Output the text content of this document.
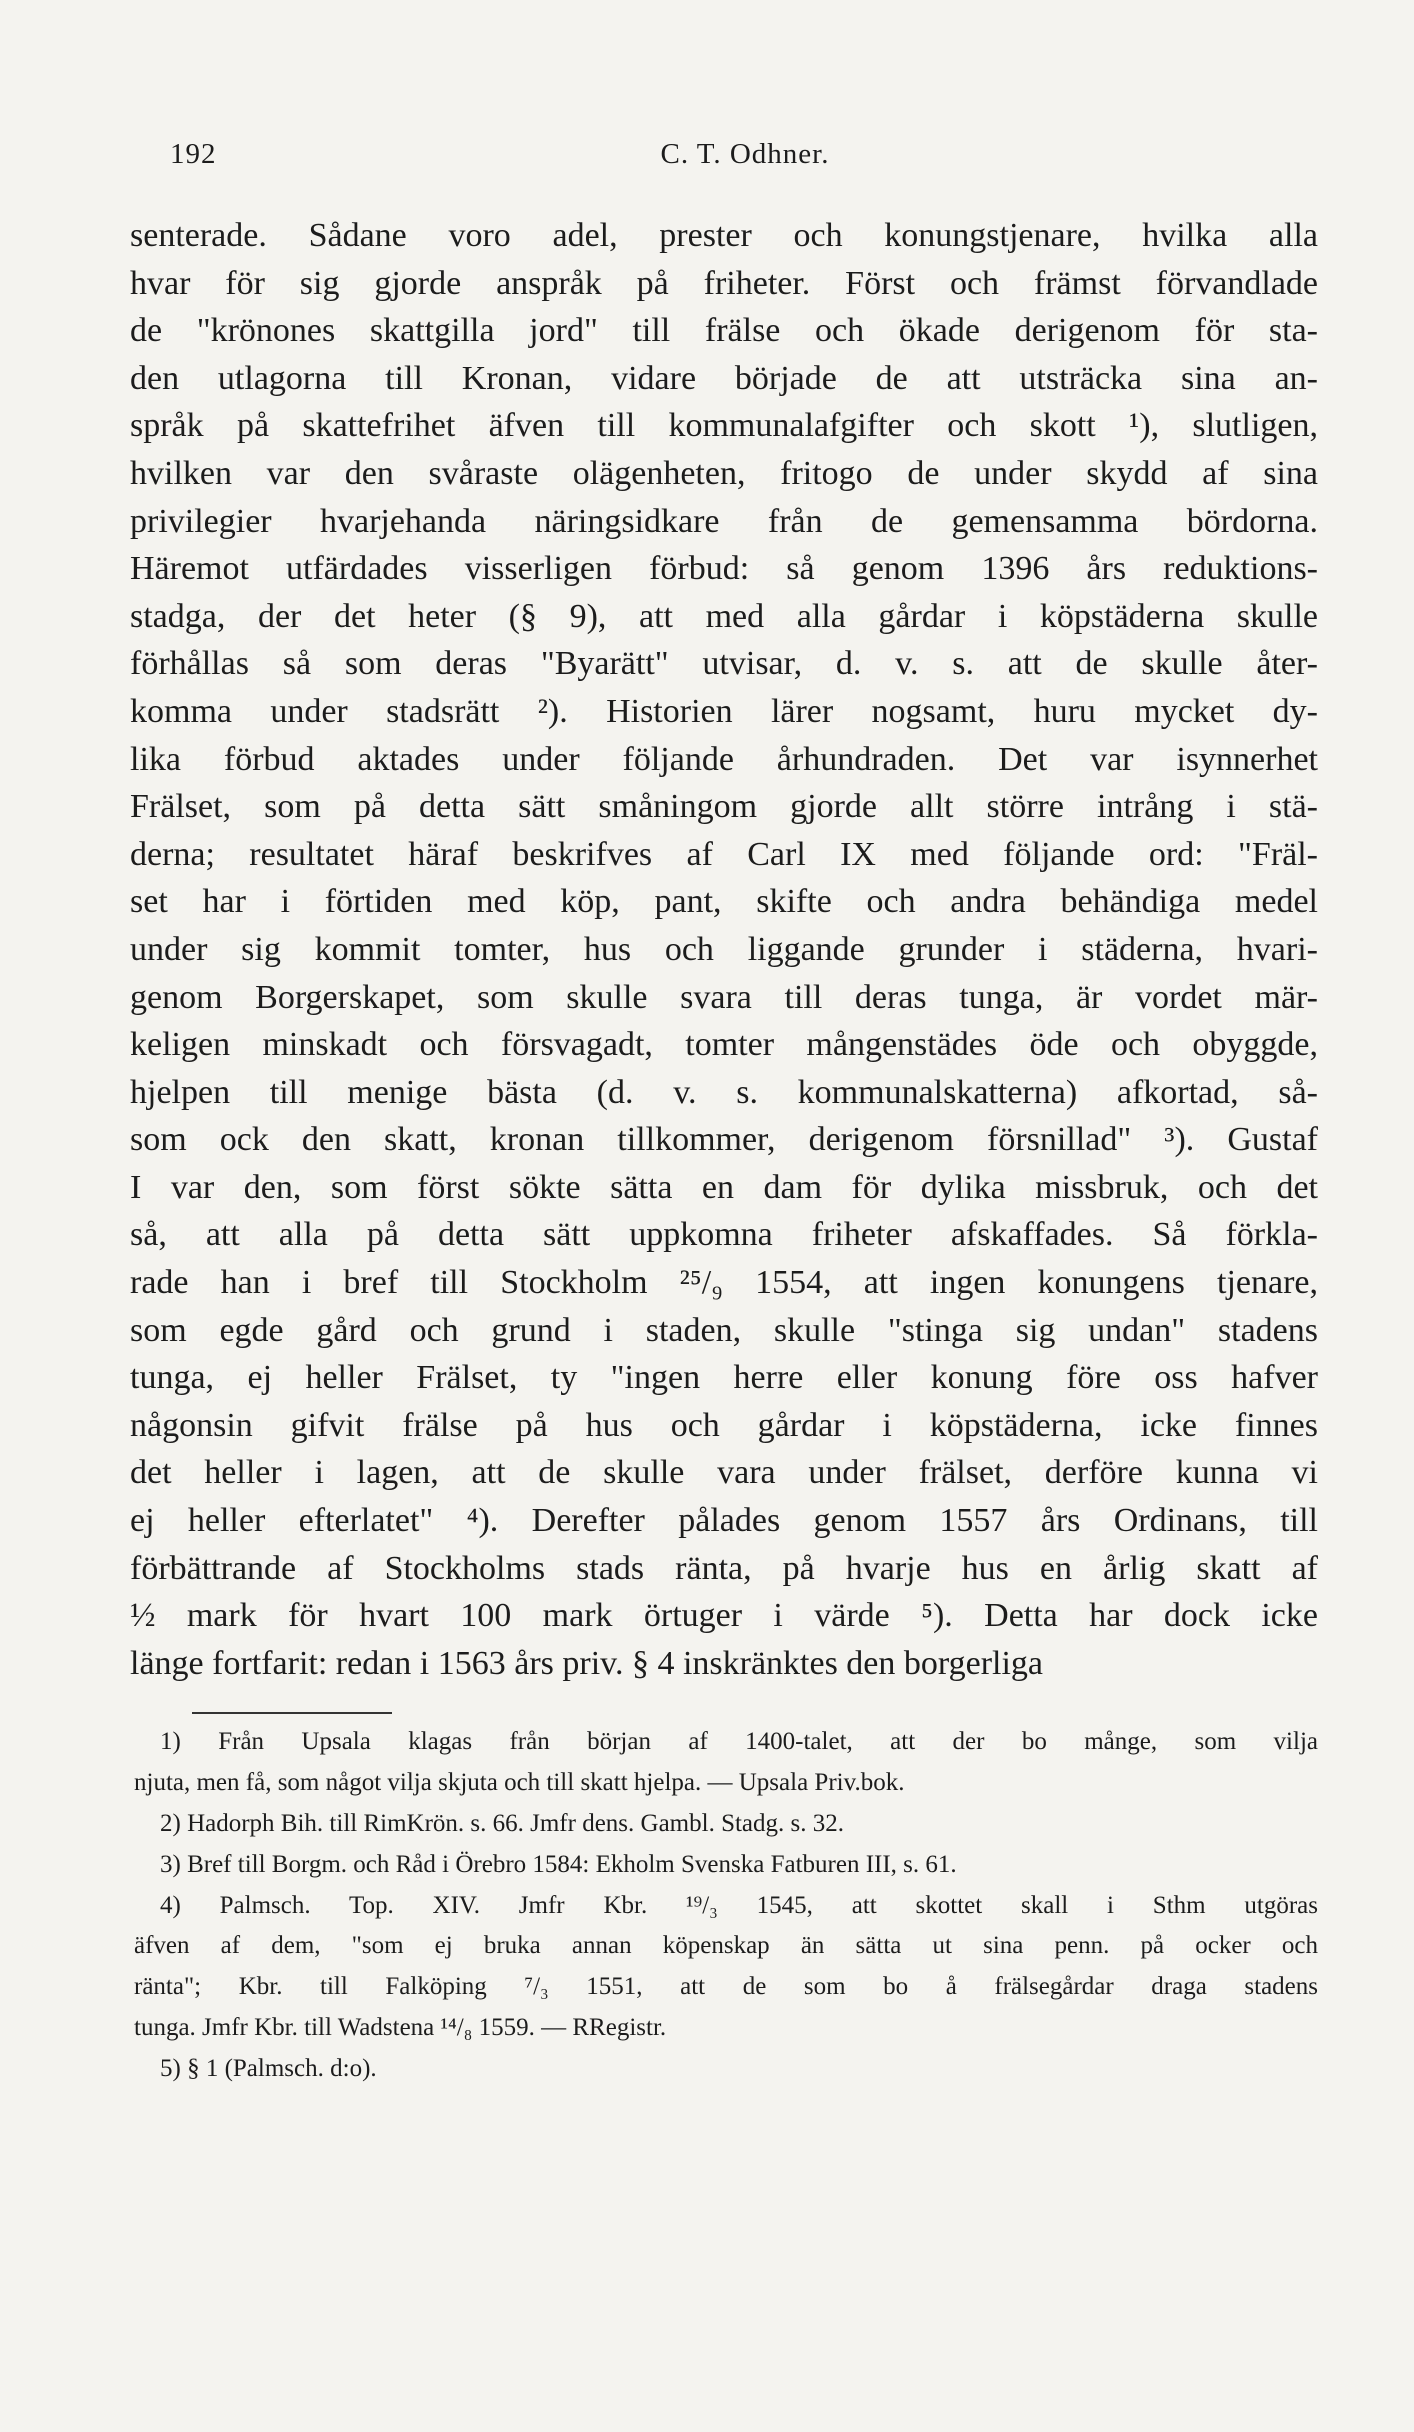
192	C. T. Odhner.
senterade. Sådane voro adel, prester och konungstjenare, hvilka alla
hvar för sig gjorde anspråk på friheter. Först och främst förvandlade
de "krönones skattgilla jord" till frälse och ökade derigenom för sta-
den utlagorna till Kronan, vidare började de att utsträcka sina an-
språk på skattefrihet äfven till kommunalafgifter och skott ¹), slutligen,
hvilken var den svåraste olägenheten, fritogo de under skydd af sina
privilegier hvarjehanda näringsidkare från de gemensamma bördorna.
Häremot utfärdades visserligen förbud: så genom 1396 års reduktions-
stadga, der det heter (§ 9), att med alla gårdar i köpstäderna skulle
förhållas så som deras "Byarätt" utvisar, d. v. s. att de skulle åter-
komma under stadsrätt ²). Historien lärer nogsamt, huru mycket dy-
lika förbud aktades under följande århundraden. Det var isynnerhet
Frälset, som på detta sätt småningom gjorde allt större intrång i stä-
derna; resultatet häraf beskrifves af Carl IX med följande ord: "Fräl-
set har i förtiden med köp, pant, skifte och andra behändiga medel
under sig kommit tomter, hus och liggande grunder i städerna, hvari-
genom Borgerskapet, som skulle svara till deras tunga, är vordet mär-
keligen minskadt och försvagadt, tomter mångenstädes öde och obyggde,
hjelpen till menige bästa (d. v. s. kommunalskatterna) afkortad, så-
som ock den skatt, kronan tillkommer, derigenom försnillad" ³). Gustaf
I var den, som först sökte sätta en dam för dylika missbruk, och det
så, att alla på detta sätt uppkomna friheter afskaffades. Så förkla-
rade han i bref till Stockholm ²⁵/₉ 1554, att ingen konungens tjenare,
som egde gård och grund i staden, skulle "stinga sig undan" stadens
tunga, ej heller Frälset, ty "ingen herre eller konung före oss hafver
någonsin gifvit frälse på hus och gårdar i köpstäderna, icke finnes
det heller i lagen, att de skulle vara under frälset, derföre kunna vi
ej heller efterlatet" ⁴). Derefter pålades genom 1557 års Ordinans, till
förbättrande af Stockholms stads ränta, på hvarje hus en årlig skatt af
½ mark för hvart 100 mark örtuger i värde ⁵). Detta har dock icke
länge fortfarit: redan i 1563 års priv. § 4 inskränktes den borgerliga
1) Från Upsala klagas från början af 1400-talet, att der bo månge, som vilja
njuta, men få, som något vilja skjuta och till skatt hjelpa. — Upsala Priv.bok.
2) Hadorph Bih. till RimKrön. s. 66. Jmfr dens. Gambl. Stadg. s. 32.
3) Bref till Borgm. och Råd i Örebro 1584: Ekholm Svenska Fatburen III, s. 61.
4) Palmsch. Top. XIV. Jmfr Kbr. ¹⁹/₃ 1545, att skottet skall i Sthm utgöras
äfven af dem, "som ej bruka annan köpenskap än sätta ut sina penn. på ocker och
ränta"; Kbr. till Falköping ⁷/₃ 1551, att de som bo å frälsegårdar draga stadens
tunga. Jmfr Kbr. till Wadstena ¹⁴/₈ 1559. — RRegistr.
5) § 1 (Palmsch. d:o).
